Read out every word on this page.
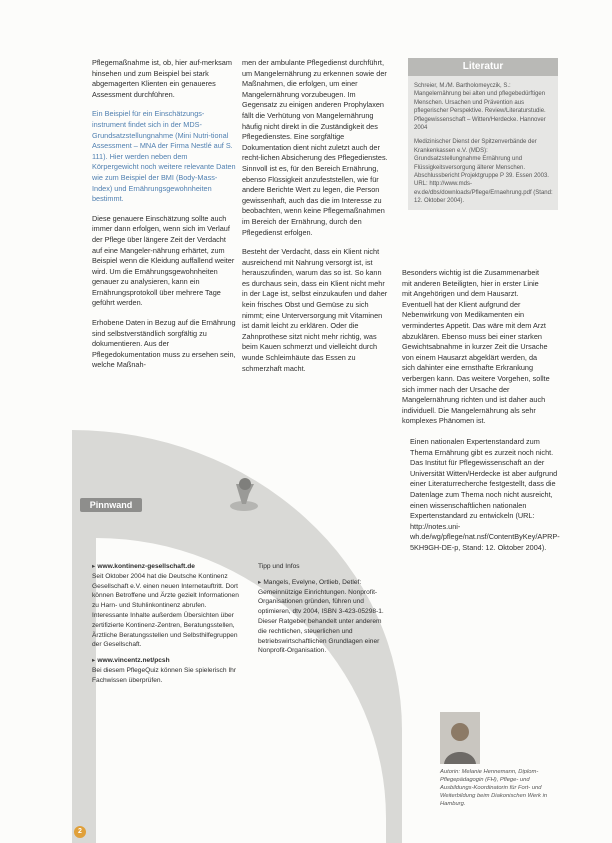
Pflegemaßnahme ist, ob, hier auf-merksam hinsehen und zum Beispiel bei stark abgemagerten Klienten ein genaueres Assessment durchführen.

Ein Beispiel für ein Einschätzungs-instrument findet sich in der MDS-Grundsatzstellungnahme (Mini Nutri-tional Assessment – MNA der Firma Nestlé auf S. 111). Hier werden neben dem Körpergewicht noch weitere relevante Daten wie zum Beispiel der BMI (Body-Mass-Index) und Ernährungsgewohnheiten bestimmt.

Diese genauere Einschätzung sollte auch immer dann erfolgen, wenn sich im Verlauf der Pflege über längere Zeit der Verdacht auf eine Mangeler-nährung erhärtet, zum Beispiel wenn die Kleidung auffallend weiter wird. Um die Ernährungsgewohnheiten genauer zu analysieren, kann ein Ernährungsprotokoll über mehrere Tage geführt werden.

Erhobene Daten in Bezug auf die Ernährung sind selbstverständlich sorgfältig zu dokumentieren. Aus der Pflegedokumentation muss zu ersehen sein, welche Maßnah-

men der ambulante Pflegedienst durchführt, um Mangelernährung zu erkennen sowie der Maßnahmen, die erfolgen, um einer Mangelernährung vorzubeugen. Im Gegensatz zu einigen anderen Prophylaxen fällt die Verhütung von Mangelernährung häufig nicht direkt in die Zuständigkeit des Pflegedienstes. Eine sorgfältige Dokumentation dient nicht zuletzt auch der recht-lichen Absicherung des Pflegedienstes. Sinnvoll ist es, für den Bereich Ernährung, ebenso Flüssigkeit anzufeststellen, wie für andere Berichte Wert zu legen, die Person gewissenhaft, auch das die im Interesse zu beobachten, wenn keine Pflegemaßnahmen im Bereich der Ernährung, durch den Pflegedienst erfolgen.

Besteht der Verdacht, dass ein Klient nicht ausreichend mit Nahrung versorgt ist, ist herauszufinden, warum das so ist. So kann es durchaus sein, dass ein Klient nicht mehr in der Lage ist, selbst einzukaufen und daher kein frisches Obst und Gemüse zu sich nimmt; eine Unterversorgung mit Vitaminen ist damit leicht zu erklären. Oder die Zahnprothese sitzt nicht mehr richtig, was beim Kauen schmerzt und vielleicht durch wunde Schleimhäute das Essen zu schmerzhaft macht.

Literatur

Schreier, M./M. Bartholomeyczik, S.: Mangelernährung bei alten und pflegebedürftigen Menschen. Ursachen und Prävention aus pflegerischer Perspektive. Review/Literaturstudie. Pflegewissenschaft – Witten/Herdecke. Hannover 2004

Medizinischer Dienst der Spitzenverbände der Krankenkassen e.V. (MDS): Grundsatzstellungnahme Ernährung und Flüssigkeitsversorgung älterer Menschen. Abschlussbericht Projektgruppe P 39. Essen 2003. URL: http://www.mds-ev.de/dbs/downloads/Pflege/Ernaehrung.pdf (Stand: 12. Oktober 2004).

Besonders wichtig ist die Zusammenarbeit mit anderen Beteiligten, hier in erster Linie mit Angehörigen und dem Hausarzt. Eventuell hat der Klient aufgrund der Nebenwirkung von Medikamenten ein vermindertes Appetit. Das wäre mit dem Arzt abzuklären. Ebenso muss bei einer starken Gewichtsabnahme in kurzer Zeit die Ursache von einem Hausarzt abgeklärt werden, da sich dahinter eine ernsthafte Erkrankung verbergen kann. Das weitere Vorgehen, sollte sich immer nach der Ursache der Mangelernährung richten und ist daher auch individuell. Die Mangelernährung als sehr komplexes Phänomen ist.

Einen nationalen Expertenstandard zum Thema Ernährung gibt es zurzeit noch nicht. Das Institut für Pflegewissenschaft an der Universität Witten/Herdecke ist aber aufgrund einer Literaturrecherche festgestellt, dass die Datenlage zum Thema noch nicht ausreicht, einen wissenschaftlichen nationalen Expertenstandard zu entwickeln (URL: http://notes.uni-wh.de/wg/pflege/nat.nsf/ContentByKey/APRP-5KH9GH-DE-p, Stand: 12. Oktober 2004).

Pinnwand

▸ www.kontinenz-gesellschaft.de
Seit Oktober 2004 hat die Deutsche Kontinenz Gesellschaft e.V. einen neuen Internetauftritt. Dort können Betroffene und Ärzte gezielt Informationen zu Harn- und Stuhlinkontinenz abrufen. Interessante Inhalte außerdem Übersichten über zertifizierte Kontinenz-Zentren, Beratungsstellen, Ärztliche Beratungsstellen und Selbsthilfegruppen der Gesellschaft.

▸ www.vincentz.net/pcsh
Bei diesem PflegeQuiz können Sie spielerisch Ihr Fachwissen überprüfen.

Tipp und Infos

▸ Mangels, Evelyne, Ortlieb, Detlef: Gemeinnützige Einrichtungen. Nonprofit-Organisationen gründen, führen und optimieren, dtv 2004, ISBN 3-423-05298-1. Dieser Ratgeber behandelt unter anderem die rechtlichen, steuerlichen und betriebswirtschaftlichen Grundlagen einer Nonprofit-Organisation.

Autorin: Melanie Hennemann, Diplom-Pflegepädagogin (FH), Pflege- und Ausbildungs-Koordinatorin für Fort- und Weiterbildung beim Diakonischen Werk in Hamburg.
2
